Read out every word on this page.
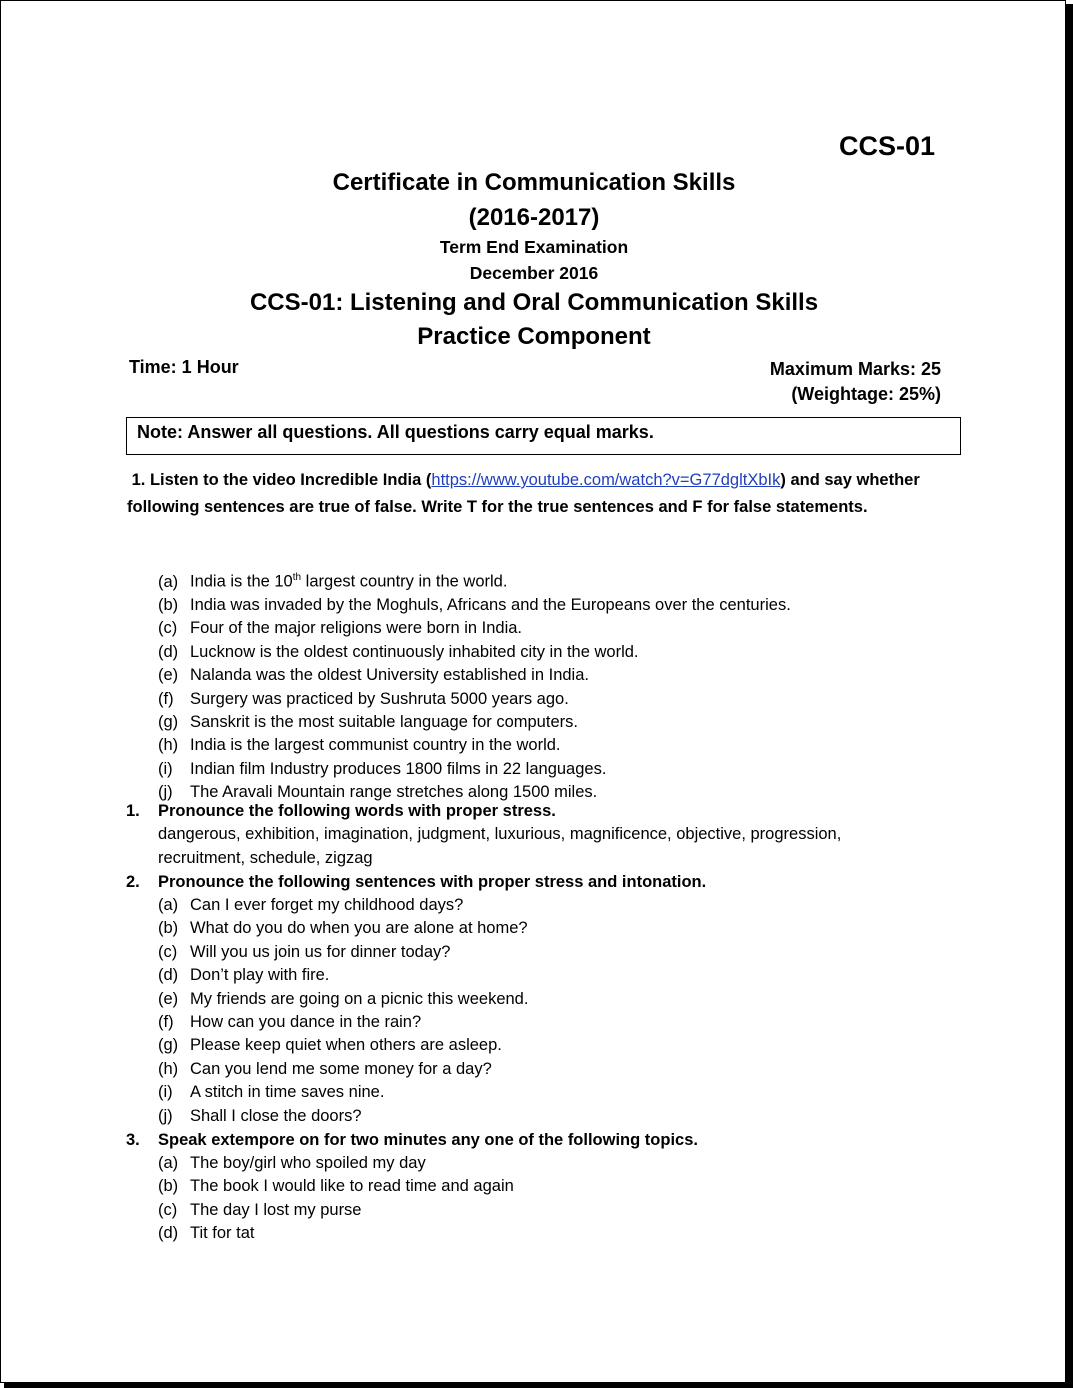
CCS-01
Certificate in Communication Skills
(2016-2017)
Term End Examination
December 2016
CCS-01: Listening and Oral Communication Skills
Practice Component
Time: 1 Hour	Maximum Marks: 25
(Weightage: 25%)
Note: Answer all questions. All questions carry equal marks.
1. Listen to the video Incredible India (https://www.youtube.com/watch?v=G77dgltXbIk) and say whether following sentences are true of false. Write T for the true sentences and F for false statements.
(a) India is the 10th largest country in the world.
(b) India was invaded by the Moghuls, Africans and the Europeans over the centuries.
(c) Four of the major religions were born in India.
(d) Lucknow is the oldest continuously inhabited city in the world.
(e) Nalanda was the oldest University established in India.
(f) Surgery was practiced by Sushruta 5000 years ago.
(g) Sanskrit is the most suitable language for computers.
(h) India is the largest communist country in the world.
(i) Indian film Industry produces 1800 films in 22 languages.
(j) The Aravali Mountain range stretches along 1500 miles.
1. Pronounce the following words with proper stress.
dangerous, exhibition, imagination, judgment, luxurious, magnificence, objective, progression, recruitment, schedule, zigzag
2. Pronounce the following sentences with proper stress and intonation.
(a) Can I ever forget my childhood days?
(b) What do you do when you are alone at home?
(c) Will you us join us for dinner today?
(d) Don’t play with fire.
(e) My friends are going on a picnic this weekend.
(f) How can you dance in the rain?
(g) Please keep quiet when others are asleep.
(h) Can you lend me some money for a day?
(i) A stitch in time saves nine.
(j) Shall I close the doors?
3. Speak extempore on for two minutes any one of the following topics.
(a) The boy/girl who spoiled my day
(b) The book I would like to read time and again
(c) The day I lost my purse
(d) Tit for tat
